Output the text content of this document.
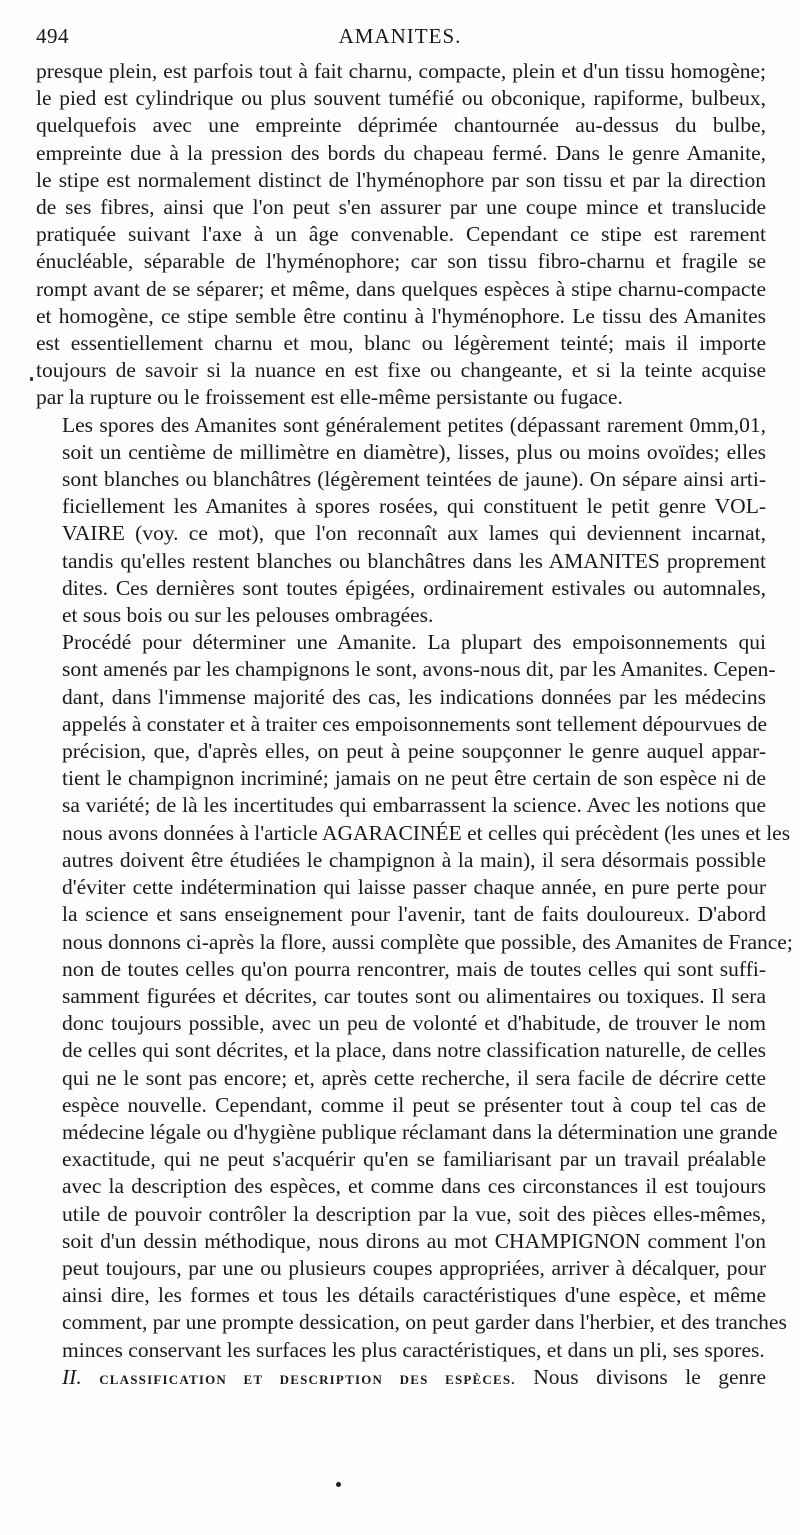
494	AMANITES.

presque plein, est parfois tout à fait charnu, compacte, plein et d'un tissu homogène;
le pied est cylindrique ou plus souvent tuméfié ou obconique, rapiforme, bulbeux,
quelquefois avec une empreinte déprimée chantournée au-dessus du bulbe,
empreinte due à la pression des bords du chapeau fermé. Dans le genre Amanite,
le stipe est normalement distinct de l'hyménophore par son tissu et par la direction
de ses fibres, ainsi que l'on peut s'en assurer par une coupe mince et translucide
pratiquée suivant l'axe à un âge convenable. Cependant ce stipe est rarement
énucléable, séparable de l'hyménophore; car son tissu fibro-charnu et fragile se
rompt avant de se séparer; et même, dans quelques espèces à stipe charnu-compacte
et homogène, ce stipe semble être continu à l'hyménophore. Le tissu des Amanites
est essentiellement charnu et mou, blanc ou légèrement teinté; mais il importe
toujours de savoir si la nuance en est fixe ou changeante, et si la teinte acquise
par la rupture ou le froissement est elle-même persistante ou fugace.

Les spores des Amanites sont généralement petites (dépassant rarement 0mm,01,
soit un centième de millimètre en diamètre), lisses, plus ou moins ovoïdes; elles
sont blanches ou blanchâtres (légèrement teintées de jaune). On sépare ainsi arti-
ficiellement les Amanites à spores rosées, qui constituent le petit genre VOL-
VAIRE (voy. ce mot), que l'on reconnaît aux lames qui deviennent incarnat,
tandis qu'elles restent blanches ou blanchâtres dans les AMANITES proprement
dites. Ces dernières sont toutes épigées, ordinairement estivales ou automnales,
et sous bois ou sur les pelouses ombragées.

Procédé pour déterminer une Amanite. La plupart des empoisonnements qui
sont amenés par les champignons le sont, avons-nous dit, par les Amanites. Cepen-
dant, dans l'immense majorité des cas, les indications données par les médecins
appelés à constater et à traiter ces empoisonnements sont tellement dépourvues de
précision, que, d'après elles, on peut à peine soupçonner le genre auquel appar-
tient le champignon incriminé; jamais on ne peut être certain de son espèce ni de
sa variété; de là les incertitudes qui embarrassent la science. Avec les notions que
nous avons données à l'article AGARACINÉE et celles qui précèdent (les unes et les
autres doivent être étudiées le champignon à la main), il sera désormais possible
d'éviter cette indétermination qui laisse passer chaque année, en pure perte pour
la science et sans enseignement pour l'avenir, tant de faits douloureux. D'abord
nous donnons ci-après la flore, aussi complète que possible, des Amanites de France;
non de toutes celles qu'on pourra rencontrer, mais de toutes celles qui sont suffi-
samment figurées et décrites, car toutes sont ou alimentaires ou toxiques. Il sera
donc toujours possible, avec un peu de volonté et d'habitude, de trouver le nom
de celles qui sont décrites, et la place, dans notre classification naturelle, de celles
qui ne le sont pas encore; et, après cette recherche, il sera facile de décrire cette
espèce nouvelle. Cependant, comme il peut se présenter tout à coup tel cas de
médecine légale ou d'hygiène publique réclamant dans la détermination une grande
exactitude, qui ne peut s'acquérir qu'en se familiarisant par un travail préalable
avec la description des espèces, et comme dans ces circonstances il est toujours
utile de pouvoir contrôler la description par la vue, soit des pièces elles-mêmes,
soit d'un dessin méthodique, nous dirons au mot CHAMPIGNON comment l'on
peut toujours, par une ou plusieurs coupes appropriées, arriver à décalquer, pour
ainsi dire, les formes et tous les détails caractéristiques d'une espèce, et même
comment, par une prompte dessication, on peut garder dans l'herbier, et des tranches
minces conservant les surfaces les plus caractéristiques, et dans un pli, ses spores.

II. CLASSIFICATION ET DESCRIPTION DES ESPÈCES. Nous divisons le genre
